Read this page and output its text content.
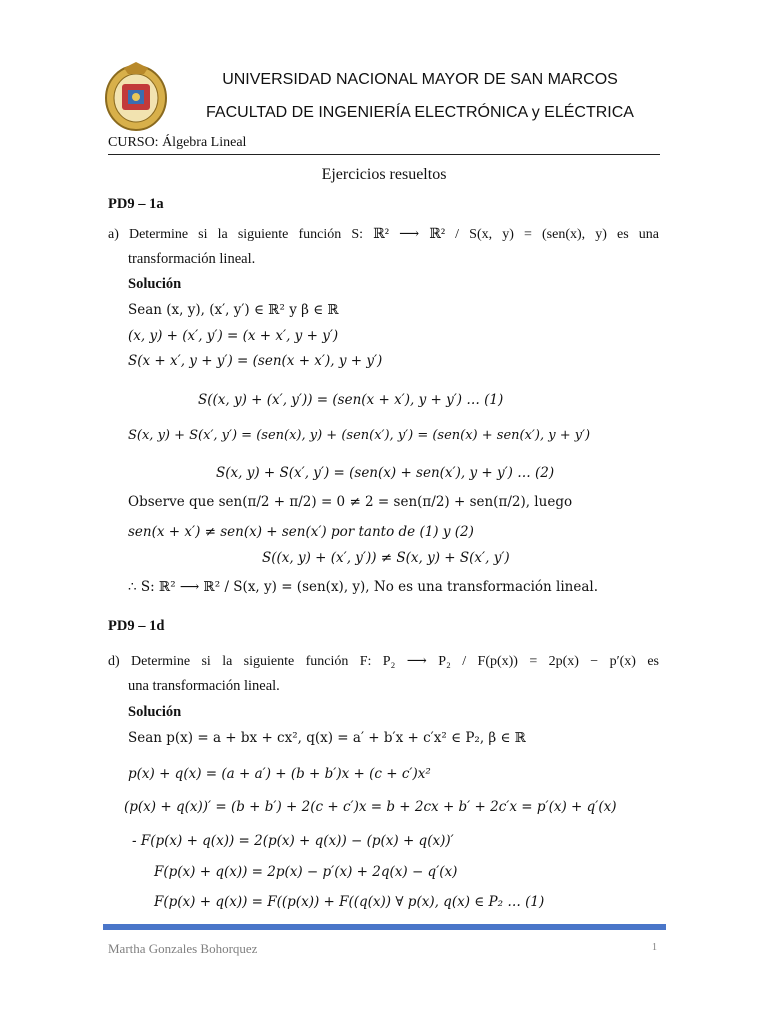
UNIVERSIDAD NACIONAL MAYOR DE SAN MARCOS
FACULTAD DE INGENIERÍA ELECTRÓNICA y ELÉCTRICA
CURSO: Álgebra Lineal
Ejercicios resueltos
PD9 – 1a
a) Determine si la siguiente función S: ℝ² ⟶ ℝ² / S(x, y) = (sen(x), y) es una
transformación lineal.
Solución
Sean (x, y), (x′, y′) ∈ ℝ² y β ∈ ℝ
(x, y) + (x′, y′) = (x + x′, y + y′)
S(x + x′, y + y′) = (sen(x + x′), y + y′)
S((x, y) + (x′, y′)) = (sen(x + x′), y + y′) … (1)
S(x, y) + S(x′, y′) = (sen(x), y) + (sen(x′), y′) = (sen(x) + sen(x′), y + y′)
S(x, y) + S(x′, y′) = (sen(x) + sen(x′), y + y′) … (2)
Observe que sen(π/2 + π/2) = 0 ≠ 2 = sen(π/2) + sen(π/2), luego
sen(x + x′) ≠ sen(x) + sen(x′) por tanto de (1) y (2)
S((x, y) + (x′, y′)) ≠ S(x, y) + S(x′, y′)
∴ S: ℝ² ⟶ ℝ² / S(x, y) = (sen(x), y), No es una transformación lineal.
PD9 – 1d
d) Determine si la siguiente función F: P₂ ⟶ P₂ / F(p(x)) = 2p(x) − p′(x) es
una transformación lineal.
Solución
Sean p(x) = a + bx + cx², q(x) = a′ + b′x + c′x² ∈ P₂, β ∈ ℝ
p(x) + q(x) = (a + a′) + (b + b′)x + (c + c′)x²
(p(x) + q(x))′ = (b + b′) + 2(c + c′)x = b + 2cx + b′ + 2c′x = p′(x) + q′(x)
- F(p(x) + q(x)) = 2(p(x) + q(x)) − (p(x) + q(x))′
F(p(x) + q(x)) = 2p(x) − p′(x) + 2q(x) − q′(x)
F(p(x) + q(x)) = F((p(x)) + F((q(x)) ∀ p(x), q(x) ∈ P₂ … (1)
Martha Gonzales Bohorquez	1
